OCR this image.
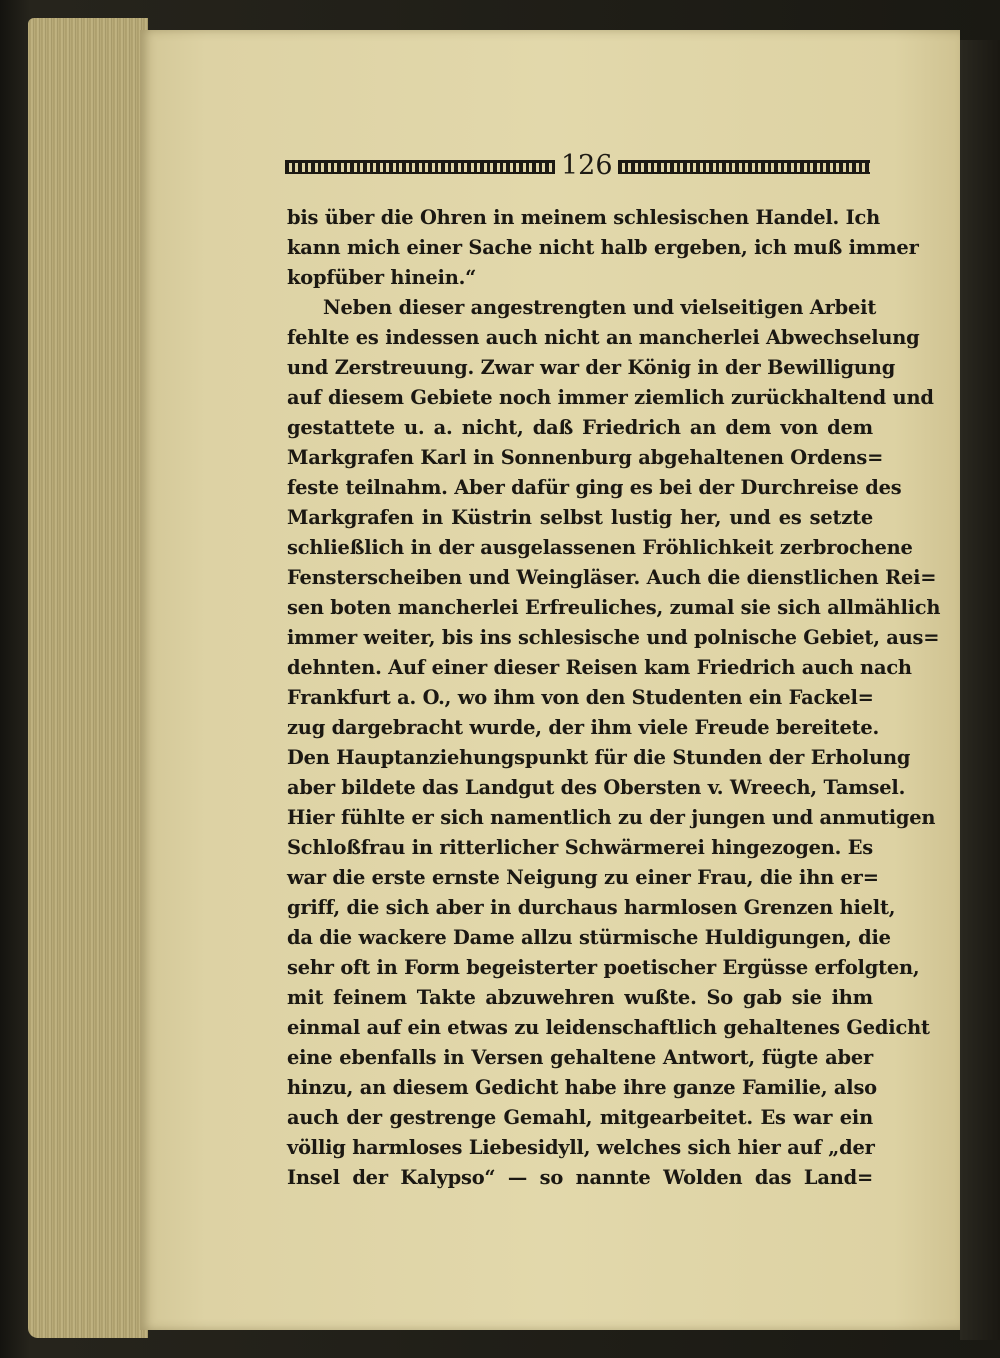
126
bis über die Ohren in meinem schlesischen Handel. Ich
kann mich einer Sache nicht halb ergeben, ich muß immer
kopfüber hinein.“
Neben dieser angestrengten und vielseitigen Arbeit
fehlte es indessen auch nicht an mancherlei Abwechselung
und Zerstreuung. Zwar war der König in der Bewilligung
auf diesem Gebiete noch immer ziemlich zurückhaltend und
gestattete u. a. nicht, daß Friedrich an dem von dem
Markgrafen Karl in Sonnenburg abgehaltenen Ordens=
feste teilnahm. Aber dafür ging es bei der Durchreise des
Markgrafen in Küstrin selbst lustig her, und es setzte
schließlich in der ausgelassenen Fröhlichkeit zerbrochene
Fensterscheiben und Weingläser. Auch die dienstlichen Rei=
sen boten mancherlei Erfreuliches, zumal sie sich allmählich
immer weiter, bis ins schlesische und polnische Gebiet, aus=
dehnten. Auf einer dieser Reisen kam Friedrich auch nach
Frankfurt a. O., wo ihm von den Studenten ein Fackel=
zug dargebracht wurde, der ihm viele Freude bereitete.
Den Hauptanziehungspunkt für die Stunden der Erholung
aber bildete das Landgut des Obersten v. Wreech, Tamsel.
Hier fühlte er sich namentlich zu der jungen und anmutigen
Schloßfrau in ritterlicher Schwärmerei hingezogen. Es
war die erste ernste Neigung zu einer Frau, die ihn er=
griff, die sich aber in durchaus harmlosen Grenzen hielt,
da die wackere Dame allzu stürmische Huldigungen, die
sehr oft in Form begeisterter poetischer Ergüsse erfolgten,
mit feinem Takte abzuwehren wußte. So gab sie ihm
einmal auf ein etwas zu leidenschaftlich gehaltenes Gedicht
eine ebenfalls in Versen gehaltene Antwort, fügte aber
hinzu, an diesem Gedicht habe ihre ganze Familie, also
auch der gestrenge Gemahl, mitgearbeitet. Es war ein
völlig harmloses Liebesidyll, welches sich hier auf „der
Insel der Kalypso“ — so nannte Wolden das Land=
